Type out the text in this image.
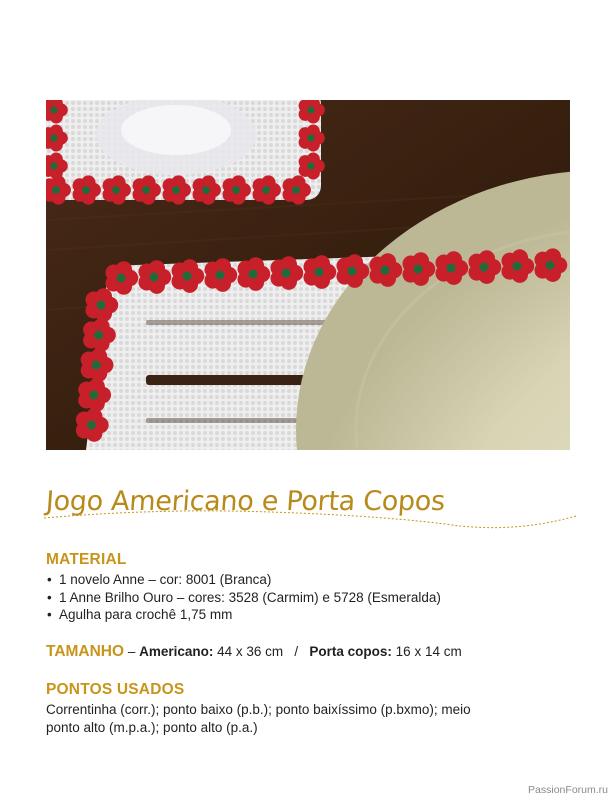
Jogo Americano e Porta Copos
MATERIAL
• 1 novelo Anne – cor: 8001 (Branca)
• 1 Anne Brilho Ouro – cores: 3528 (Carmim) e 5728 (Esmeralda)
• Agulha para crochê 1,75 mm
TAMANHO – Americano: 44 x 36 cm   /   Porta copos: 16 x 14 cm
PONTOS USADOS

Correntinha (corr.); ponto baixo (p.b.); ponto baixíssimo (p.bxmo); meio ponto alto (m.p.a.); ponto alto (p.a.)

PassionForum.ru
